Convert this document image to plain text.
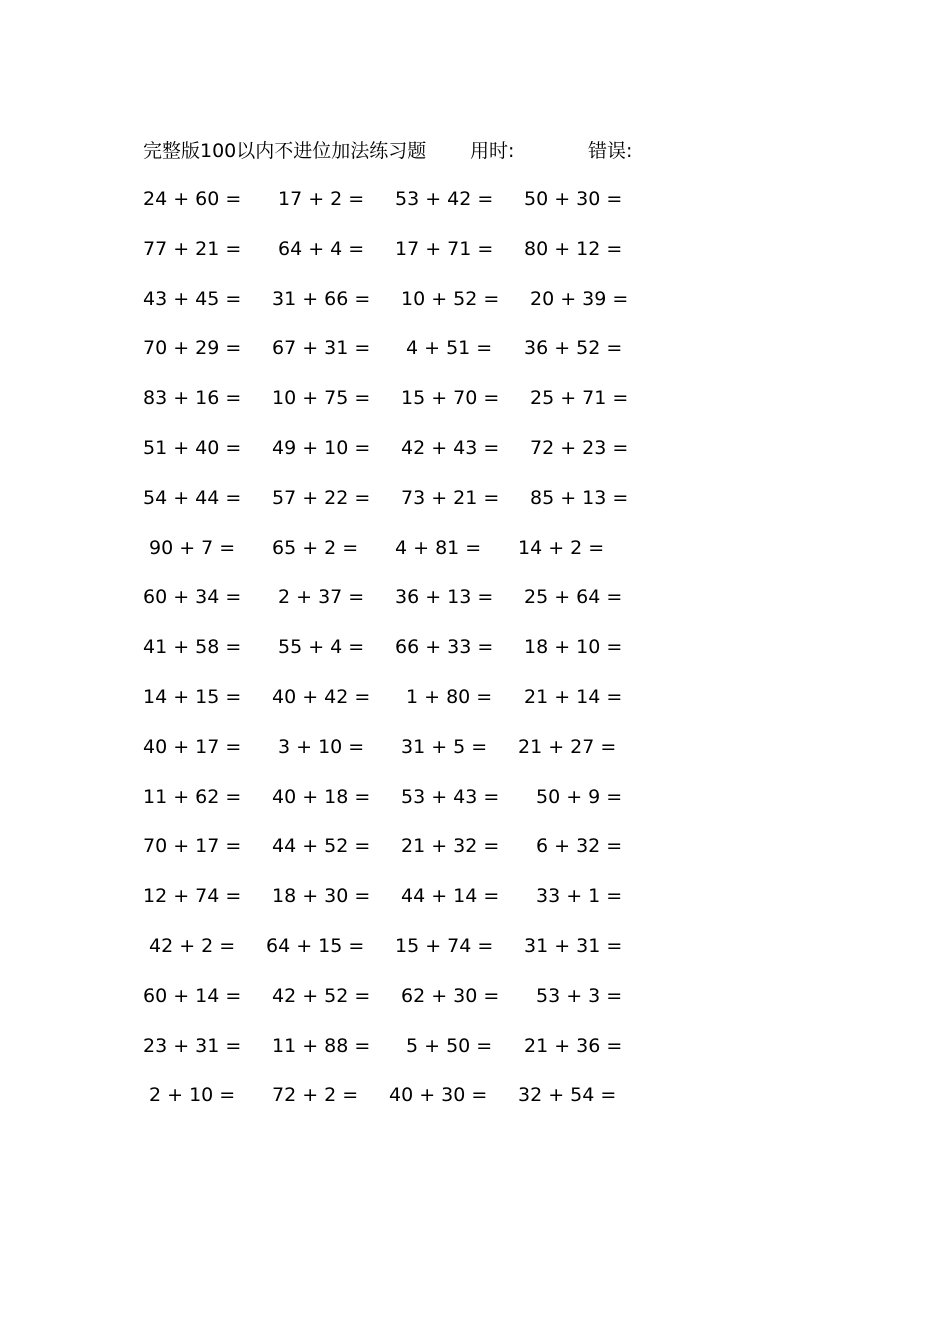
完整版100以内不进位加法练习题 用时:	错误:
24 + 60 = 17 + 2 = 53 + 42 = 50 + 30 =
77 + 21 = 64 + 4 = 17 + 71 = 80 + 12 =
43 + 45 = 31 + 66 = 10 + 52 = 20 + 39 =
70 + 29 = 67 + 31 = 4 + 51 = 36 + 52 =
83 + 16 = 10 + 75 = 15 + 70 = 25 + 71 =
51 + 40 = 49 + 10 = 42 + 43 = 72 + 23 =
54 + 44 = 57 + 22 = 73 + 21 = 85 + 13 =
90 + 7 = 65 + 2 = 4 + 81 = 14 + 2 =
60 + 34 = 2 + 37 = 36 + 13 = 25 + 64 =
41 + 58 = 55 + 4 = 66 + 33 = 18 + 10 =
14 + 15 = 40 + 42 = 1 + 80 = 21 + 14 =
40 + 17 = 3 + 10 = 31 + 5 = 21 + 27 =
11 + 62 = 40 + 18 = 53 + 43 = 50 + 9 =
70 + 17 = 44 + 52 = 21 + 32 = 6 + 32 =
12 + 74 = 18 + 30 = 44 + 14 = 33 + 1 =
42 + 2 = 64 + 15 = 15 + 74 = 31 + 31 =
60 + 14 = 42 + 52 = 62 + 30 = 53 + 3 =
23 + 31 = 11 + 88 = 5 + 50 = 21 + 36 =
2 + 10 = 72 + 2 = 40 + 30 = 32 + 54 =
